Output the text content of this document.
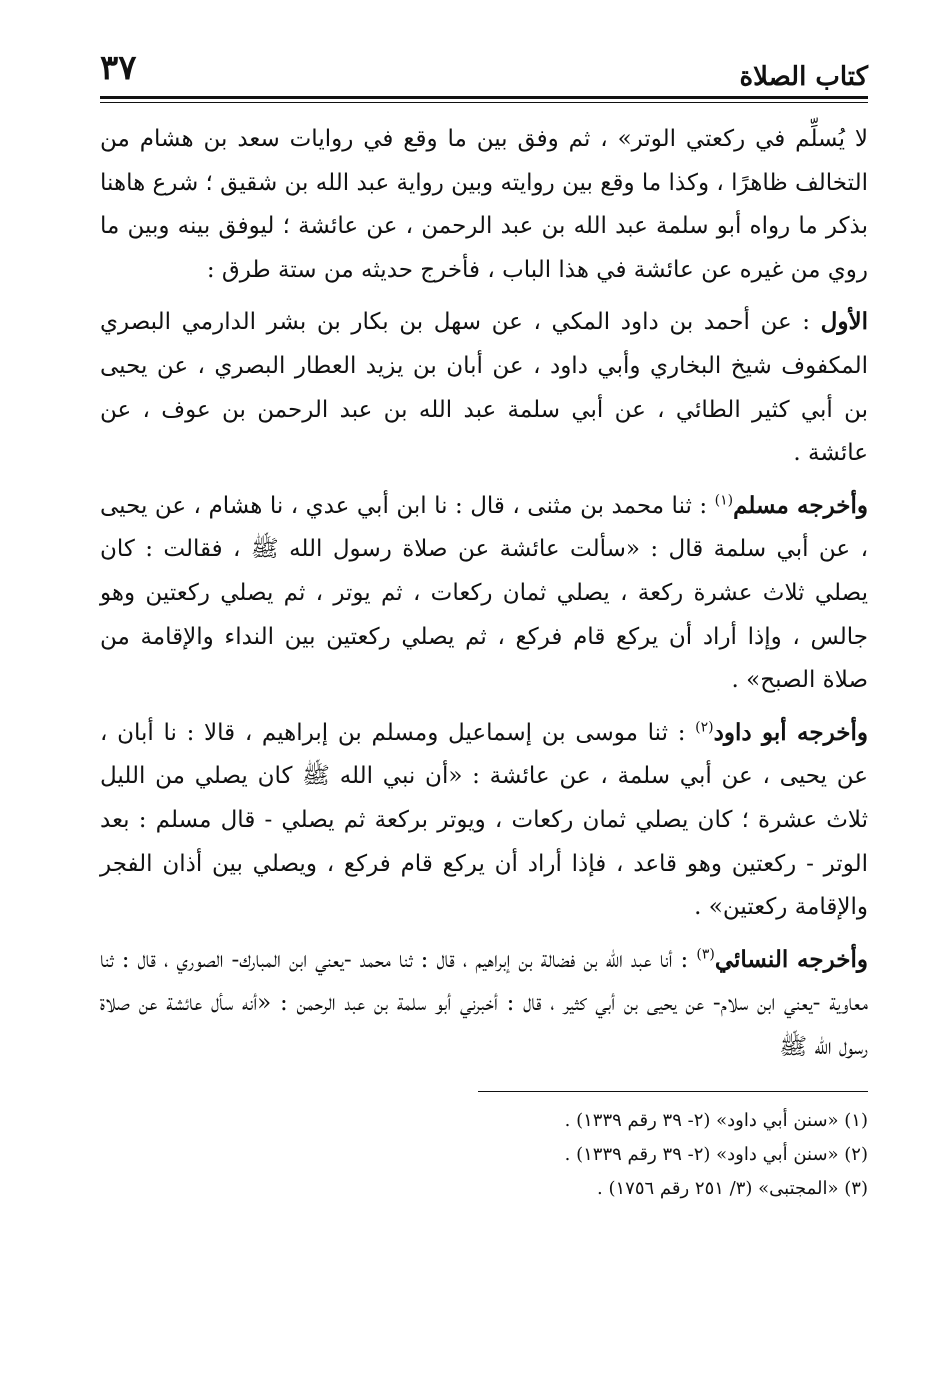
كتاب الصلاة
٣٧

لا يُسلِّم في ركعتي الوتر» ، ثم وفق بين ما وقع في روايات سعد بن هشام من التخالف ظاهرًا ، وكذا ما وقع بين روايته وبين رواية عبد الله بن شقيق ؛ شرع هاهنا بذكر ما رواه أبو سلمة عبد الله بن عبد الرحمن ، عن عائشة ؛ ليوفق بينه وبين ما روي من غيره عن عائشة في هذا الباب ، فأخرج حديثه من ستة طرق :

الأول : عن أحمد بن داود المكي ، عن سهل بن بكار بن بشر الدارمي البصري المكفوف شيخ البخاري وأبي داود ، عن أبان بن يزيد العطار البصري ، عن يحيى بن أبي كثير الطائي ، عن أبي سلمة عبد الله بن عبد الرحمن بن عوف ، عن عائشة .

وأخرجه مسلم$^{(١)}$ : ثنا محمد بن مثنى ، قال : نا ابن أبي عدي ، نا هشام ، عن يحيى ، عن أبي سلمة قال : «سألت عائشة عن صلاة رسول الله ﷺ ، فقالت : كان يصلي ثلاث عشرة ركعة ، يصلي ثمان ركعات ، ثم يوتر ، ثم يصلي ركعتين وهو جالس ، وإذا أراد أن يركع قام فركع ، ثم يصلي ركعتين بين النداء والإقامة من صلاة الصبح» .

وأخرجه أبو داود$^{(٢)}$ : ثنا موسى بن إسماعيل ومسلم بن إبراهيم ، قالا : نا أبان ، عن يحيى ، عن أبي سلمة ، عن عائشة : «أن نبي الله ﷺ كان يصلي من الليل ثلاث عشرة ؛ كان يصلي ثمان ركعات ، ويوتر بركعة ثم يصلي - قال مسلم : بعد الوتر - ركعتين وهو قاعد ، فإذا أراد أن يركع قام فركع ، ويصلي بين أذان الفجر والإقامة ركعتين» .

وأخرجه النسائي$^{(٣)}$ : أنا عبد الله بن فضالة بن إبراهيم ، قال : ثنا محمد -يعني ابن المبارك- الصوري ، قال : ثنا معاوية -يعني ابن سلام- عن يحيى بن أبي كثير ، قال : أخبرني أبو سلمة بن عبد الرحمن : «أنه سأل عائشة عن صلاة رسول الله ﷺ

(١) «سنن أبي داود» (٢- ٣٩ رقم ١٣٣٩) .

(٢) «سنن أبي داود» (٢- ٣٩ رقم ١٣٣٩) .

(٣) «المجتبى» (٣/ ٢٥١ رقم ١٧٥٦) .
